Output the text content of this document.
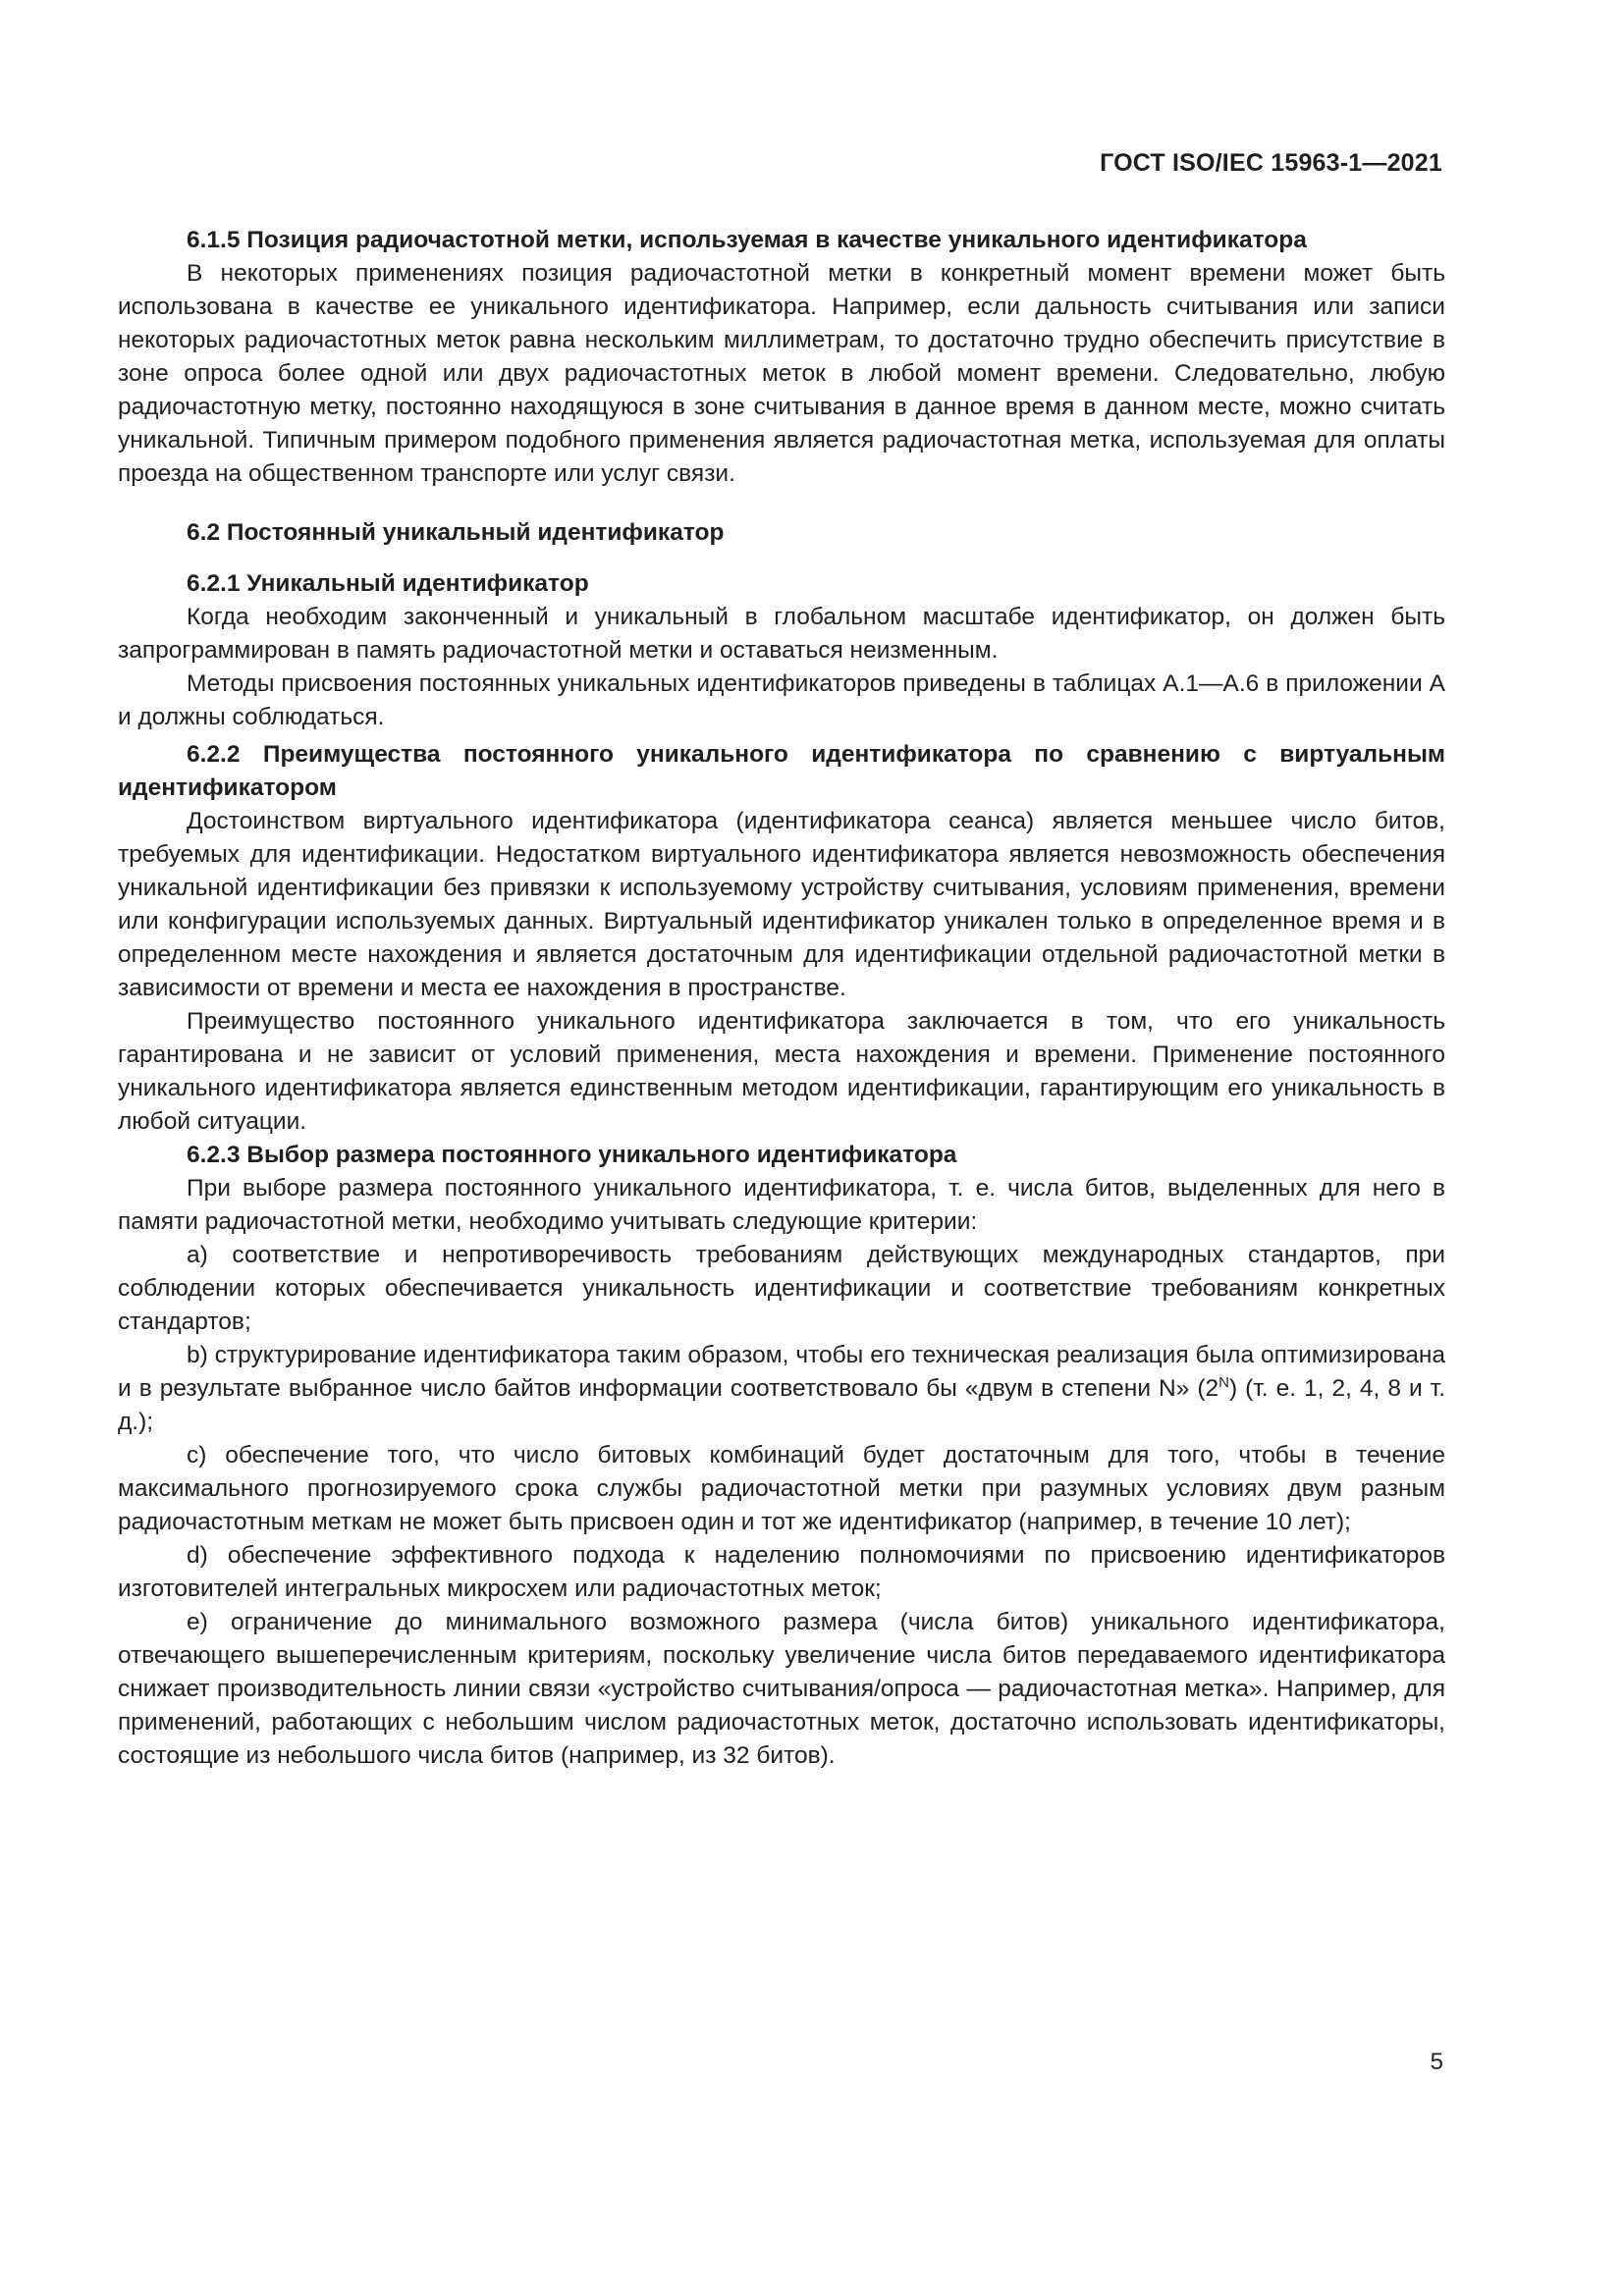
ГОСТ ISO/IEC 15963-1—2021

6.1.5 Позиция радиочастотной метки, используемая в качестве уникального идентификатора

В некоторых применениях позиция радиочастотной метки в конкретный момент времени может быть использована в качестве ее уникального идентификатора. Например, если дальность считывания или записи некоторых радиочастотных меток равна нескольким миллиметрам, то достаточно трудно обеспечить присутствие в зоне опроса более одной или двух радиочастотных меток в любой момент времени. Следовательно, любую радиочастотную метку, постоянно находящуюся в зоне считывания в данное время в данном месте, можно считать уникальной. Типичным примером подобного применения является радиочастотная метка, используемая для оплаты проезда на общественном транспорте или услуг связи.

6.2 Постоянный уникальный идентификатор

6.2.1 Уникальный идентификатор

Когда необходим законченный и уникальный в глобальном масштабе идентификатор, он должен быть запрограммирован в память радиочастотной метки и оставаться неизменным.

Методы присвоения постоянных уникальных идентификаторов приведены в таблицах А.1—А.6 в приложении А и должны соблюдаться.

6.2.2 Преимущества постоянного уникального идентификатора по сравнению с виртуальным идентификатором

Достоинством виртуального идентификатора (идентификатора сеанса) является меньшее число битов, требуемых для идентификации. Недостатком виртуального идентификатора является невозможность обеспечения уникальной идентификации без привязки к используемому устройству считывания, условиям применения, времени или конфигурации используемых данных. Виртуальный идентификатор уникален только в определенное время и в определенном месте нахождения и является достаточным для идентификации отдельной радиочастотной метки в зависимости от времени и места ее нахождения в пространстве.

Преимущество постоянного уникального идентификатора заключается в том, что его уникальность гарантирована и не зависит от условий применения, места нахождения и времени. Применение постоянного уникального идентификатора является единственным методом идентификации, гарантирующим его уникальность в любой ситуации.

6.2.3 Выбор размера постоянного уникального идентификатора

При выборе размера постоянного уникального идентификатора, т. е. числа битов, выделенных для него в памяти радиочастотной метки, необходимо учитывать следующие критерии:

а) соответствие и непротиворечивость требованиям действующих международных стандартов, при соблюдении которых обеспечивается уникальность идентификации и соответствие требованиям конкретных стандартов;

b) структурирование идентификатора таким образом, чтобы его техническая реализация была оптимизирована и в результате выбранное число байтов информации соответствовало бы «двум в степени N» $(2^N)$ (т. е. 1, 2, 4, 8 и т. д.);

с) обеспечение того, что число битовых комбинаций будет достаточным для того, чтобы в течение максимального прогнозируемого срока службы радиочастотной метки при разумных условиях двум разным радиочастотным меткам не может быть присвоен один и тот же идентификатор (например, в течение 10 лет);

d) обеспечение эффективного подхода к наделению полномочиями по присвоению идентификаторов изготовителей интегральных микросхем или радиочастотных меток;

е) ограничение до минимального возможного размера (числа битов) уникального идентификатора, отвечающего вышеперечисленным критериям, поскольку увеличение числа битов передаваемого идентификатора снижает производительность линии связи «устройство считывания/опроса — радиочастотная метка». Например, для применений, работающих с небольшим числом радиочастотных меток, достаточно использовать идентификаторы, состоящие из небольшого числа битов (например, из 32 битов).

5
